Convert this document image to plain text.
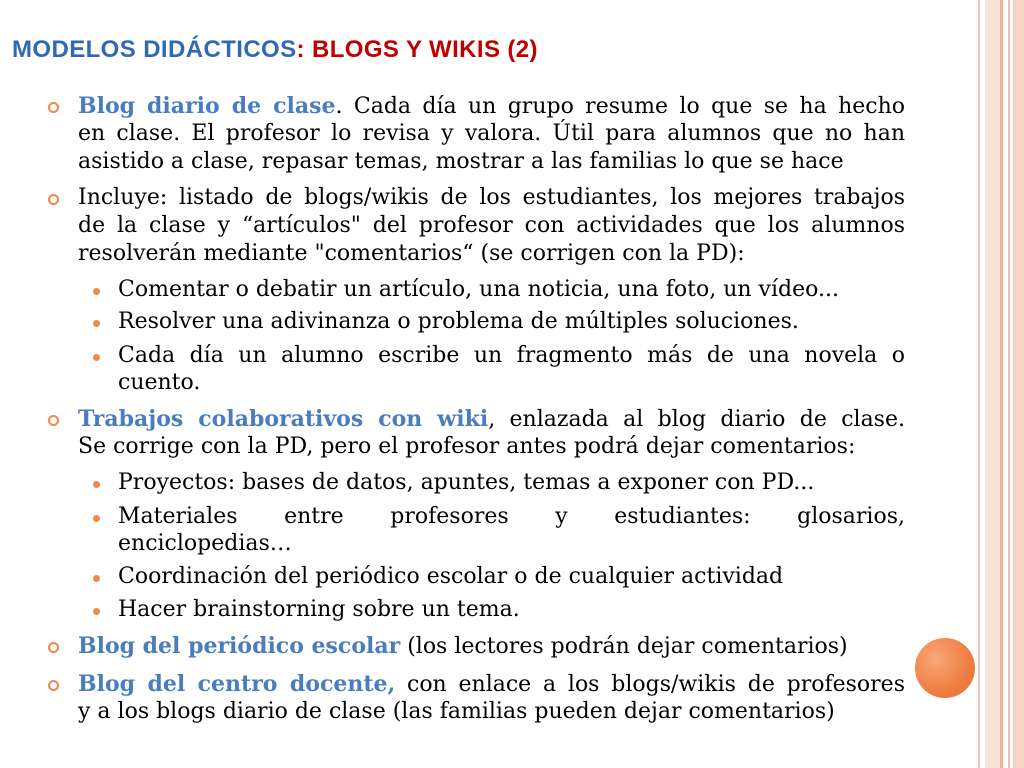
MODELOS DIDÁCTICOS: BLOGS Y WIKIS (2)
Blog diario de clase. Cada día un grupo resume lo que se ha hecho
en clase. El profesor lo revisa y valora. Útil para alumnos que no han
asistido a clase, repasar temas, mostrar a las familias lo que se hace
Incluye: listado de blogs/wikis de los estudiantes, los mejores trabajos
de la clase y “artículos" del profesor con actividades que los alumnos
resolverán mediante "comentarios“ (se corrigen con la PD):
Comentar o debatir un artículo, una noticia, una foto, un vídeo...
Resolver una adivinanza o problema de múltiples soluciones.
Cada día un alumno escribe un fragmento más de una novela o
cuento.
Trabajos colaborativos con wiki, enlazada al blog diario de clase.
Se corrige con la PD, pero el profesor antes podrá dejar comentarios:
Proyectos: bases de datos, apuntes, temas a exponer con PD...
Materiales entre profesores y estudiantes: glosarios,
enciclopedias…
Coordinación del periódico escolar o de cualquier actividad
Hacer brainstorning sobre un tema.
Blog del periódico escolar (los lectores podrán dejar comentarios)
Blog del centro docente, con enlace a los blogs/wikis de profesores
y a los blogs diario de clase (las familias pueden dejar comentarios)
